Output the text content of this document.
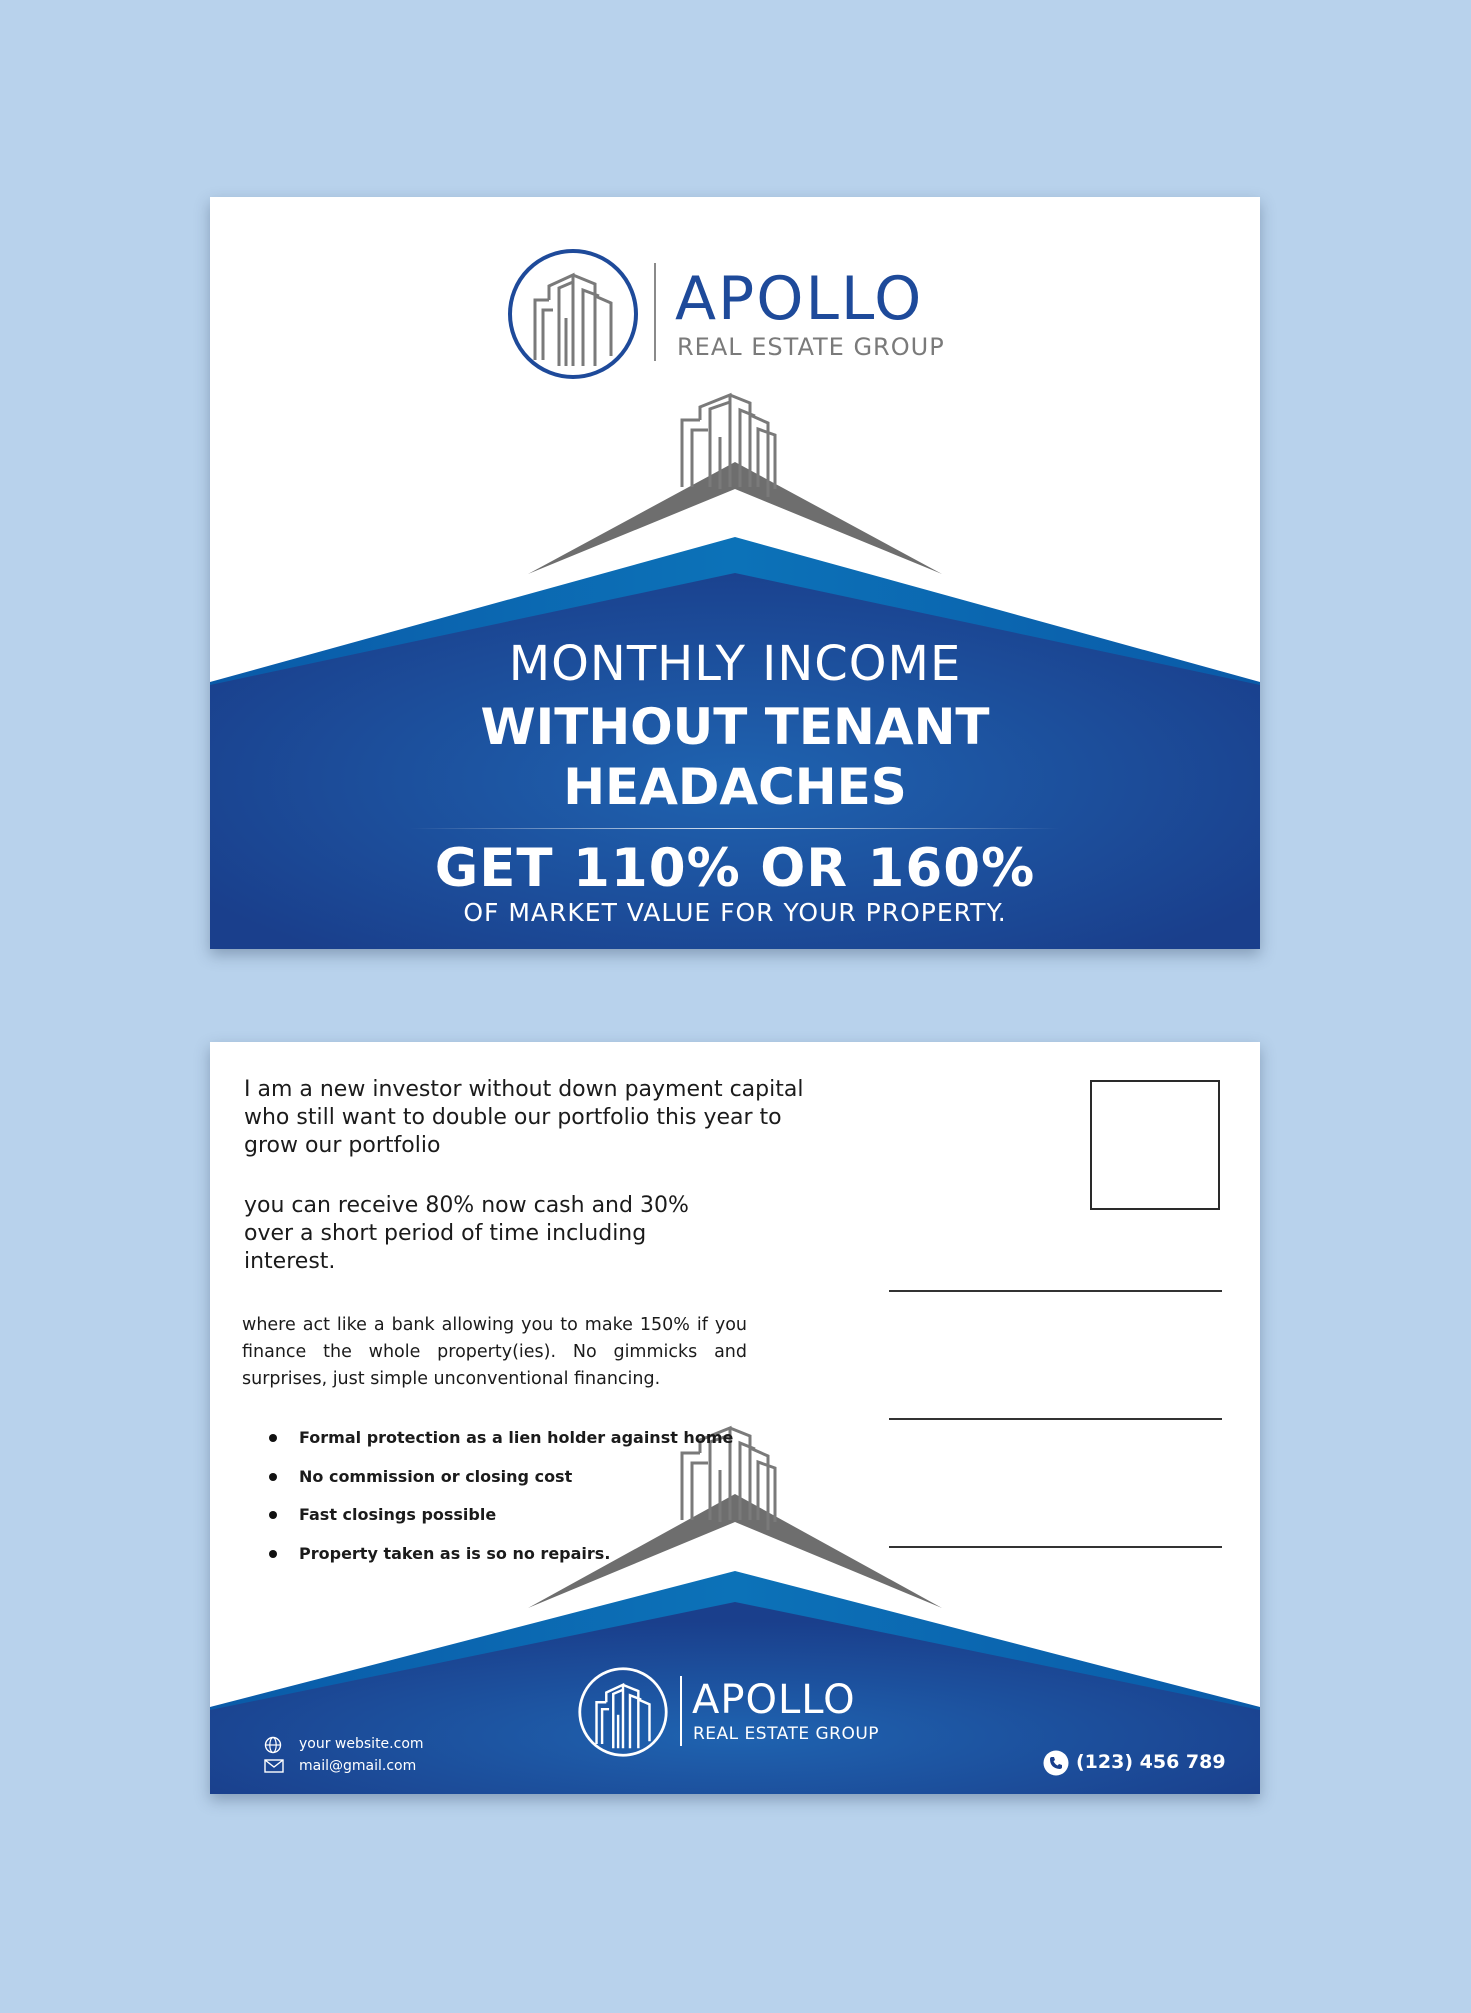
APOLLO
REAL ESTATE GROUP
MONTHLY INCOME
WITHOUT TENANT
HEADACHES
GET 110% OR 160%
OF MARKET VALUE FOR YOUR PROPERTY.
I am a new investor without down payment capital who still want to double our portfolio this year to grow our portfolio
you can receive 80% now cash and 30% over a short period of time including interest.
where act like a bank allowing you to make 150% if you finance the whole property(ies). No gimmicks and surprises, just simple unconventional financing.
Formal protection as a lien holder against home
No commission or closing cost
Fast closings possible
Property taken as is so no repairs.
APOLLO
REAL ESTATE GROUP
your website.com
mail@gmail.com	(123) 456 789
